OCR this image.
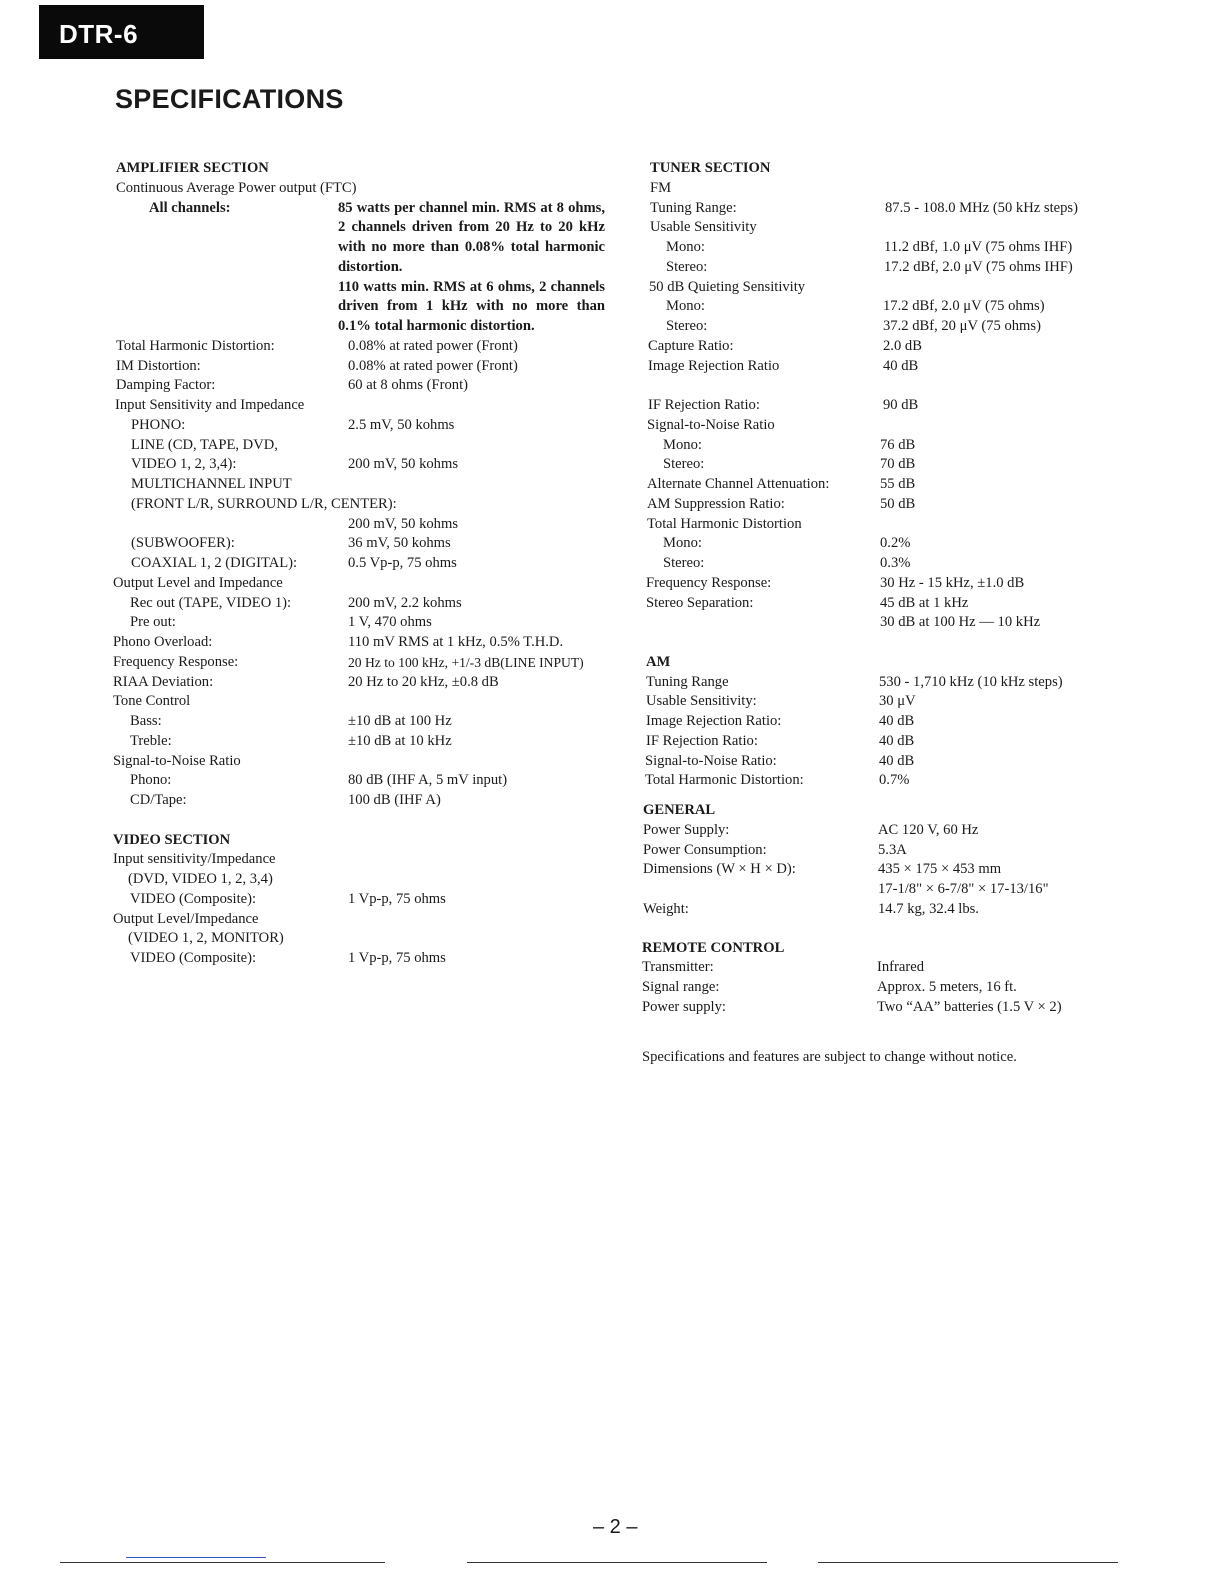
DTR-6
SPECIFICATIONS
AMPLIFIER SECTION
Continuous Average Power output (FTC)
All channels:	85 watts per channel min. RMS at 8 ohms, 2 channels driven from 20 Hz to 20 kHz with no more than 0.08% total harmonic distortion.

110 watts min. RMS at 6 ohms, 2 channels driven from 1 kHz with no more than 0.1% total harmonic distortion.

Total Harmonic Distortion:	0.08% at rated power (Front)
IM Distortion:	0.08% at rated power (Front)
Damping Factor:	60 at 8 ohms (Front)
Input Sensitivity and Impedance
PHONO:	2.5 mV, 50 kohms
LINE (CD, TAPE, DVD,
VIDEO 1, 2, 3,4):	200 mV, 50 kohms
MULTICHANNEL INPUT
(FRONT L/R, SURROUND L/R, CENTER):
200 mV, 50 kohms
(SUBWOOFER):	36 mV, 50 kohms
COAXIAL 1, 2 (DIGITAL):	0.5 Vp-p, 75 ohms
Output Level and Impedance
Rec out (TAPE, VIDEO 1):	200 mV, 2.2 kohms
Pre out:	1 V, 470 ohms
Phono Overload:	110 mV RMS at 1 kHz, 0.5% T.H.D.
Frequency Response:	20 Hz to 100 kHz, +1/-3 dB(LINE INPUT)
RIAA Deviation:	20 Hz to 20 kHz, ±0.8 dB
Tone Control
Bass:	±10 dB at 100 Hz
Treble:	±10 dB at 10 kHz
Signal-to-Noise Ratio
Phono:	80 dB (IHF A, 5 mV input)
CD/Tape:	100 dB (IHF A)
VIDEO SECTION
Input sensitivity/Impedance
(DVD, VIDEO 1, 2, 3,4)
VIDEO (Composite):	1 Vp-p, 75 ohms
Output Level/Impedance
(VIDEO 1, 2, MONITOR)
VIDEO (Composite):	1 Vp-p, 75 ohms
TUNER SECTION
FM
Tuning Range:	87.5 - 108.0 MHz (50 kHz steps)
Usable Sensitivity
Mono:	11.2 dBf, 1.0 μV (75 ohms IHF)
Stereo:	17.2 dBf, 2.0 μV (75 ohms IHF)
50 dB Quieting Sensitivity
Mono:	17.2 dBf, 2.0 μV (75 ohms)
Stereo:	37.2 dBf, 20 μV (75 ohms)
Capture Ratio:	2.0 dB
Image Rejection Ratio	40 dB
IF Rejection Ratio:	90 dB
Signal-to-Noise Ratio
Mono:	76 dB
Stereo:	70 dB
Alternate Channel Attenuation:	55 dB
AM Suppression Ratio:	50 dB
Total Harmonic Distortion
Mono:	0.2%
Stereo:	0.3%
Frequency Response:	30 Hz - 15 kHz, ±1.0 dB
Stereo Separation:	45 dB at 1 kHz
30 dB at 100 Hz — 10 kHz
AM
Tuning Range	530 - 1,710 kHz (10 kHz steps)
Usable Sensitivity:	30 μV
Image Rejection Ratio:	40 dB
IF Rejection Ratio:	40 dB
Signal-to-Noise Ratio:	40 dB
Total Harmonic Distortion:	0.7%
GENERAL
Power Supply:	AC 120 V, 60 Hz
Power Consumption:	5.3A
Dimensions (W × H × D):	435 × 175 × 453 mm
17-1/8" × 6-7/8" × 17-13/16"
Weight:	14.7 kg, 32.4 lbs.
REMOTE CONTROL
Transmitter:	Infrared
Signal range:	Approx. 5 meters, 16 ft.
Power supply:	Two “AA” batteries (1.5 V × 2)
Specifications and features are subject to change without notice.
– 2 –
